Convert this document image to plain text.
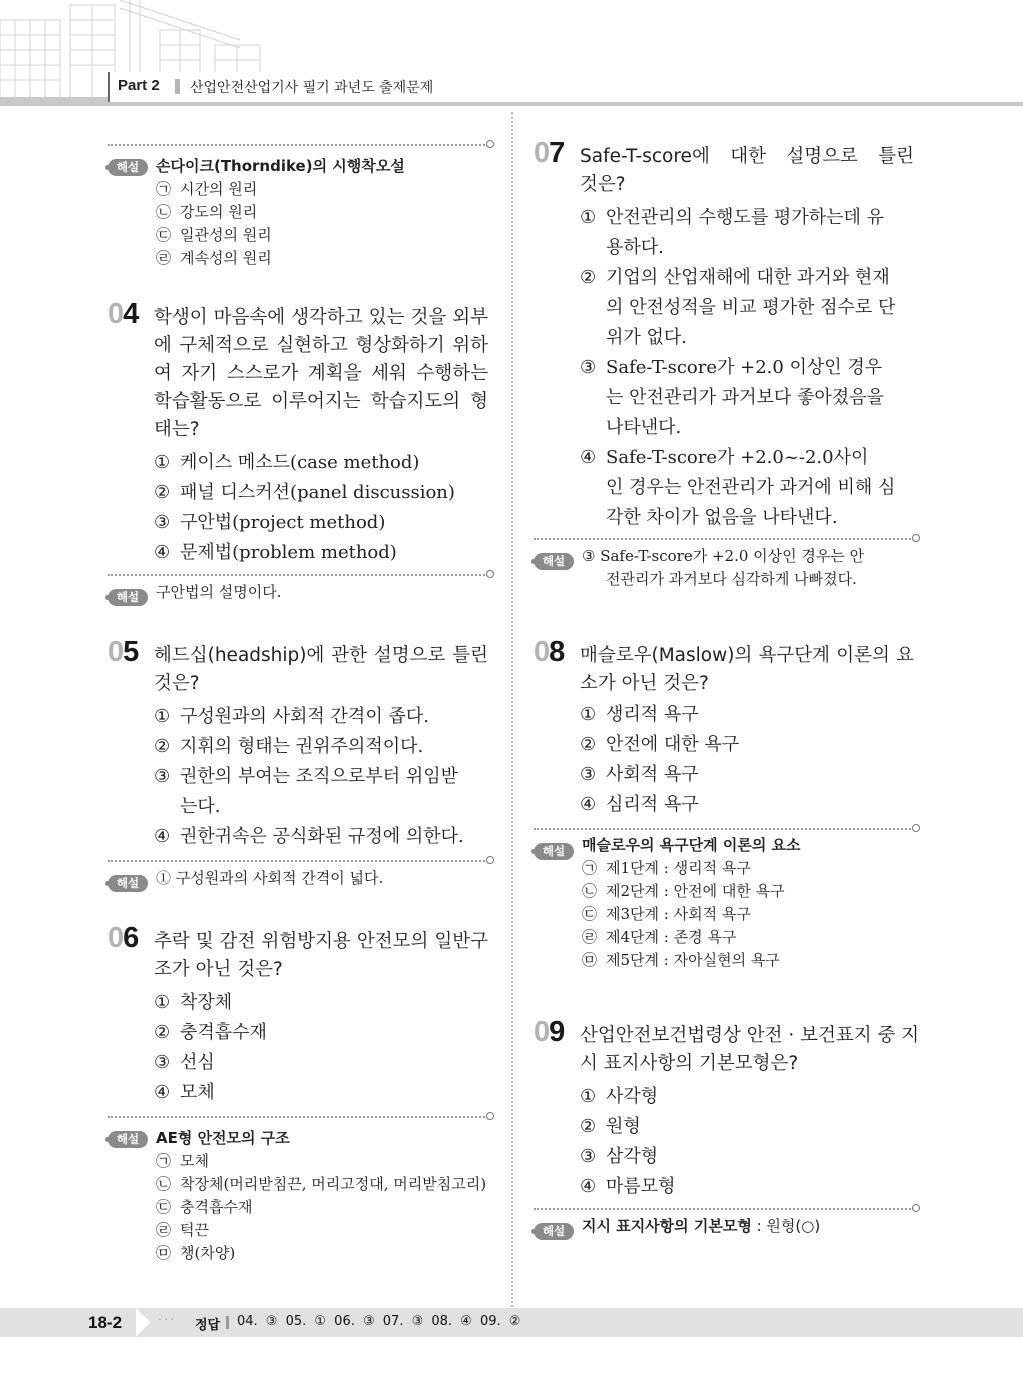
Part 2 산업안전산업기사 필기 과년도 출제문제
해설	손다이크(Thorndike)의 시행착오설
㉠ 시간의 원리
㉡ 강도의 원리
㉢ 일관성의 원리
㉣ 계속성의 원리
04 학생이 마음속에 생각하고 있는 것을 외부
에 구체적으로 실현하고 형상화하기 위하
여 자기 스스로가 계획을 세워 수행하는
학습활동으로 이루어지는 학습지도의 형
태는?
① 케이스 메소드(case method)
② 패널 디스커션(panel discussion)
③ 구안법(project method)
④ 문제법(problem method)
해설	구안법의 설명이다.
05 헤드십(headship)에 관한 설명으로 틀린
것은?
① 구성원과의 사회적 간격이 좁다.
② 지휘의 형태는 권위주의적이다.
③ 권한의 부여는 조직으로부터 위임받
는다.
④ 권한귀속은 공식화된 규정에 의한다.
해설	① 구성원과의 사회적 간격이 넓다.
06 추락 및 감전 위험방지용 안전모의 일반구
조가 아닌 것은?
① 착장체
② 충격흡수재
③ 선심
④ 모체
해설	AE형 안전모의 구조
㉠ 모체
㉡ 착장체(머리받침끈, 머리고정대, 머리받침고리)
㉢ 충격흡수재
㉣ 턱끈
㉤ 챙(차양)
07 Safe-T-score에 대한 설명으로 틀린
것은?
① 안전관리의 수행도를 평가하는데 유
용하다.
② 기업의 산업재해에 대한 과거와 현재
의 안전성적을 비교 평가한 점수로 단
위가 없다.
③ Safe-T-score가 +2.0 이상인 경우
는 안전관리가 과거보다 좋아졌음을
나타낸다.
④ Safe-T-score가 +2.0~-2.0사이
인 경우는 안전관리가 과거에 비해 심
각한 차이가 없음을 나타낸다.
해설	③ Safe-T-score가 +2.0 이상인 경우는 안
전관리가 과거보다 심각하게 나빠졌다.
08 매슬로우(Maslow)의 욕구단계 이론의 요
소가 아닌 것은?
① 생리적 욕구
② 안전에 대한 욕구
③ 사회적 욕구
④ 심리적 욕구
해설	매슬로우의 욕구단계 이론의 요소
㉠ 제1단계 : 생리적 욕구
㉡ 제2단계 : 안전에 대한 욕구
㉢ 제3단계 : 사회적 욕구
㉣ 제4단계 : 존경 욕구
㉤ 제5단계 : 자아실현의 욕구
09 산업안전보건법령상 안전 · 보건표지 중 지
시 표지사항의 기본모형은?
① 사각형
② 원형
③ 삼각형
④ 마름모형
해설	지시 표지사항의 기본모형 : 원형(○)
18-2	··· 정답 04. ③ 05. ① 06. ③ 07. ③ 08. ④ 09. ②
